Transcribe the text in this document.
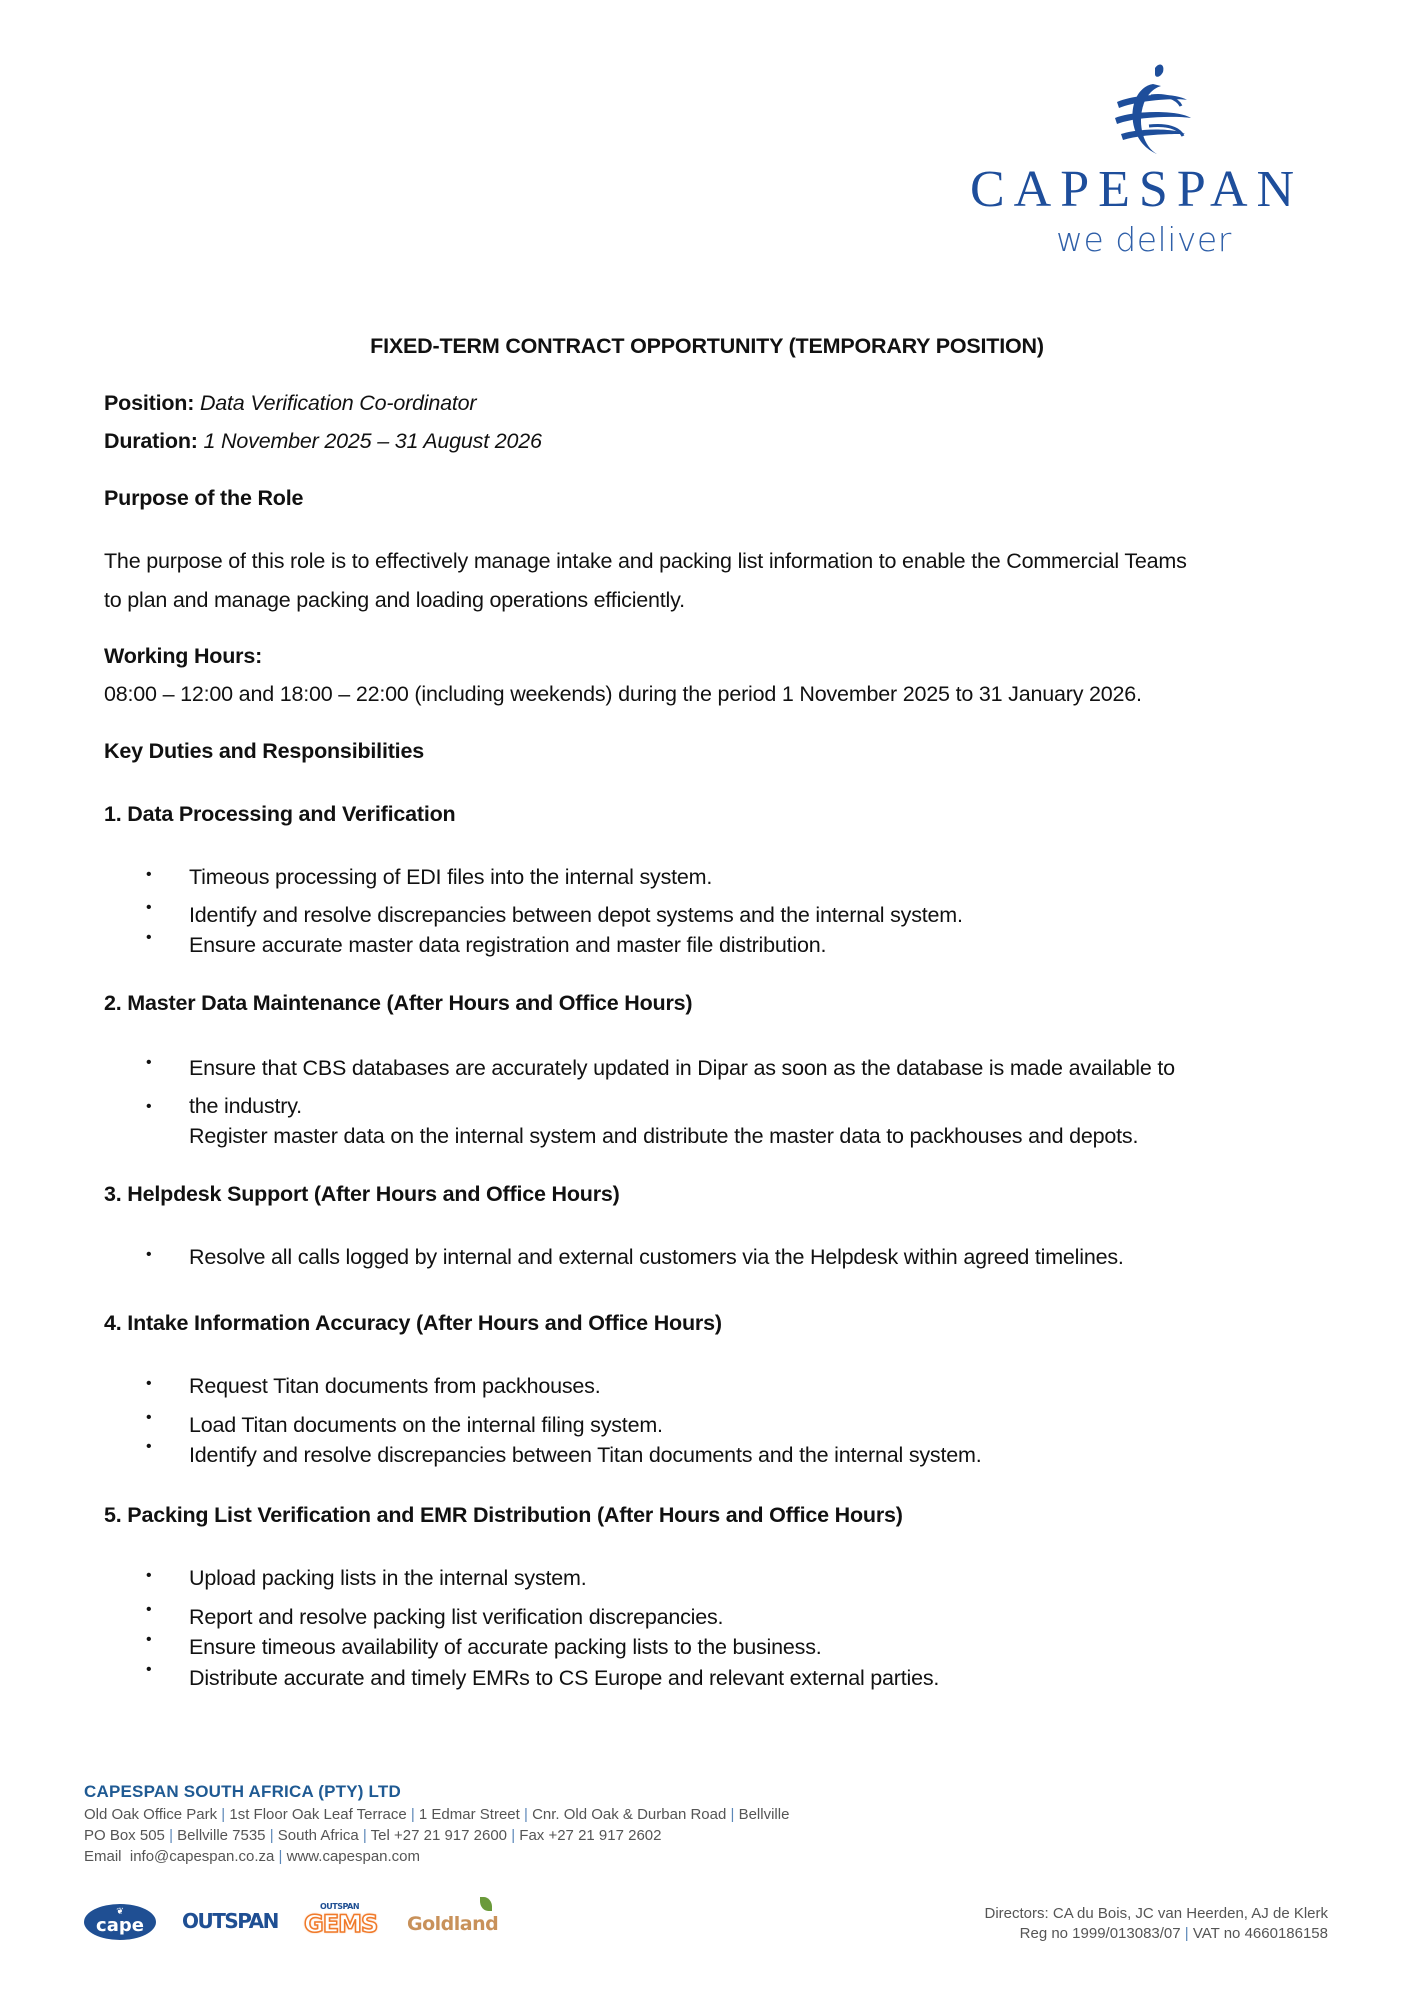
CAPESPAN
we deliver
FIXED-TERM CONTRACT OPPORTUNITY (TEMPORARY POSITION)
Position: Data Verification Co-ordinator
Duration: 1 November 2025 – 31 August 2026
Purpose of the Role
The purpose of this role is to effectively manage intake and packing list information to enable the Commercial Teams
to plan and manage packing and loading operations efficiently.
Working Hours:
08:00 – 12:00 and 18:00 – 22:00 (including weekends) during the period 1 November 2025 to 31 January 2026.
Key Duties and Responsibilities
1. Data Processing and Verification
• Timeous processing of EDI files into the internal system.
• Identify and resolve discrepancies between depot systems and the internal system.
• Ensure accurate master data registration and master file distribution.
2. Master Data Maintenance (After Hours and Office Hours)
• Ensure that CBS databases are accurately updated in Dipar as soon as the database is made available to
• the industry.
Register master data on the internal system and distribute the master data to packhouses and depots.
3. Helpdesk Support (After Hours and Office Hours)
• Resolve all calls logged by internal and external customers via the Helpdesk within agreed timelines.
4. Intake Information Accuracy (After Hours and Office Hours)
• Request Titan documents from packhouses.
• Load Titan documents on the internal filing system.
• Identify and resolve discrepancies between Titan documents and the internal system.
5. Packing List Verification and EMR Distribution (After Hours and Office Hours)
• Upload packing lists in the internal system.
• Report and resolve packing list verification discrepancies.
• Ensure timeous availability of accurate packing lists to the business.
• Distribute accurate and timely EMRs to CS Europe and relevant external parties.
CAPESPAN SOUTH AFRICA (PTY) LTD
Old Oak Office Park | 1st Floor Oak Leaf Terrace | 1 Edmar Street | Cnr. Old Oak & Durban Road | Bellville
PO Box 505 | Bellville 7535 | South Africa | Tel +27 21 917 2600 | Fax +27 21 917 2602
Email info@capespan.co.za | www.capespan.com
cape
❦	OUTSPAN
OUTSPAN
GEMS Goldland	Directors: CA du Bois, JC van Heerden, AJ de Klerk
Reg no 1999/013083/07 | VAT no 4660186158
